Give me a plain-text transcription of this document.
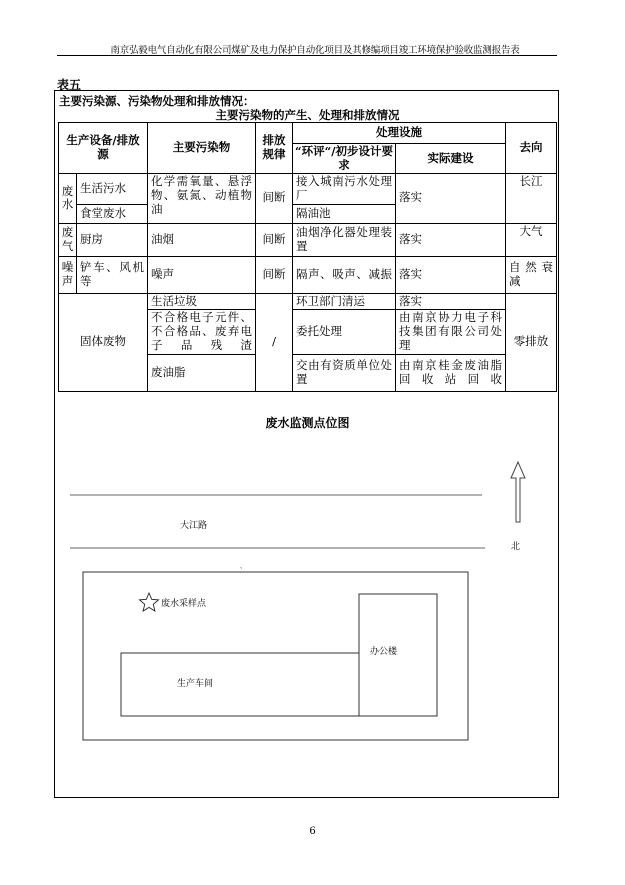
南京弘毅电气自动化有限公司煤矿及电力保护自动化项目及其修编项目竣工环境保护验收监测报告表
表五
主要污染源、污染物处理和排放情况：
主要污染物的产生、处理和排放情况
生产设备/排放源		主要污染物	排放规律	处理设施		去向
				“环评“/初步设计要求	实际建设	
废水	生活污水	化学需氧量、悬浮物、氨氮、动植物油	间断	接入城南污水处理厂	落实	长江
	食堂废水			隔油池		
废气	厨房	油烟	间断	油烟净化器处理装置	落实	大气
噪声	铲车、风机等	噪声	间断	隔声、吸声、减振	落实	自然衰减
固体废物		生活垃圾	/	环卫部门清运	落实	零排放
		不合格电子元件、不合格品、废弃电子品残渣		委托处理	由南京协力电子科技集团有限公司处理	
		废油脂		交由有资质单位处置	由南京桂金废油脂回收站回收	
废水监测点位图
大江路
北
、
废水采样点
办公楼
生产车间
6
